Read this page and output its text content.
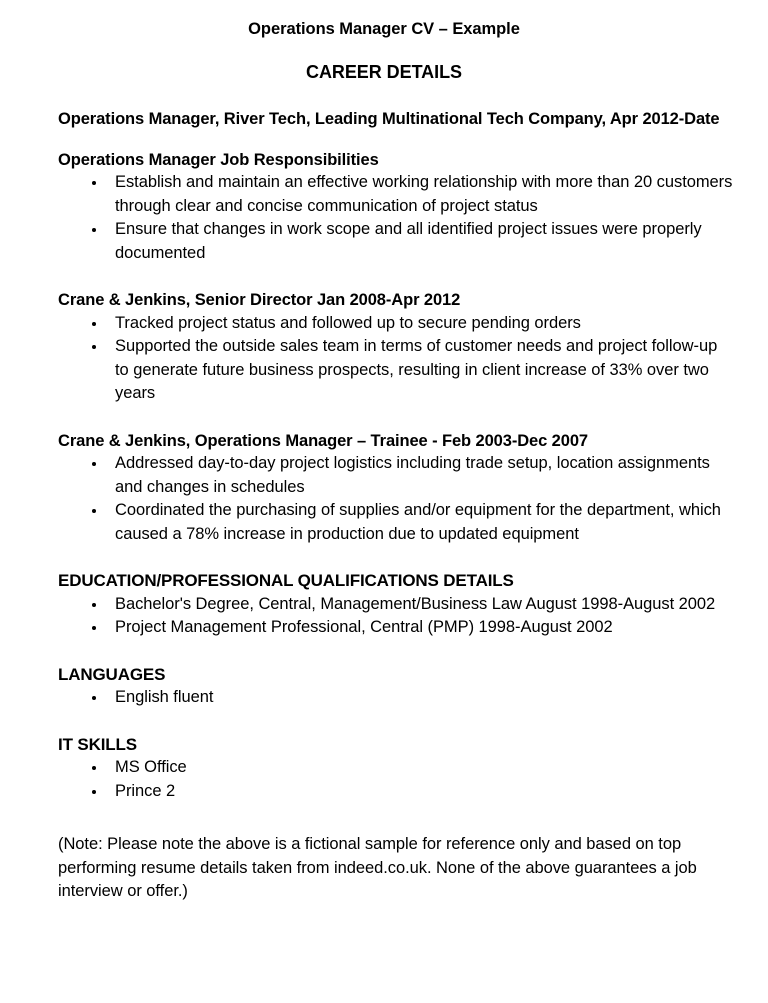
Operations Manager CV – Example
CAREER DETAILS
Operations Manager, River Tech, Leading Multinational Tech Company, Apr 2012-Date
Operations Manager Job Responsibilities
Establish and maintain an effective working relationship with more than 20 customers through clear and concise communication of project status
Ensure that changes in work scope and all identified project issues were properly documented
Crane & Jenkins, Senior Director Jan 2008-Apr 2012
Tracked project status and followed up to secure pending orders
Supported the outside sales team in terms of customer needs and project follow-up to generate future business prospects, resulting in client increase of 33% over two years
Crane & Jenkins, Operations Manager – Trainee - Feb 2003-Dec 2007
Addressed day-to-day project logistics including trade setup, location assignments and changes in schedules
Coordinated the purchasing of supplies and/or equipment for the department, which caused a 78% increase in production due to updated equipment
EDUCATION/PROFESSIONAL QUALIFICATIONS DETAILS
Bachelor's Degree, Central, Management/Business Law August 1998-August 2002
Project Management Professional, Central (PMP) 1998-August 2002
LANGUAGES
English fluent
IT SKILLS
MS Office
Prince 2

(Note: Please note the above is a fictional sample for reference only and based on top performing resume details taken from indeed.co.uk. None of the above guarantees a job interview or offer.)
